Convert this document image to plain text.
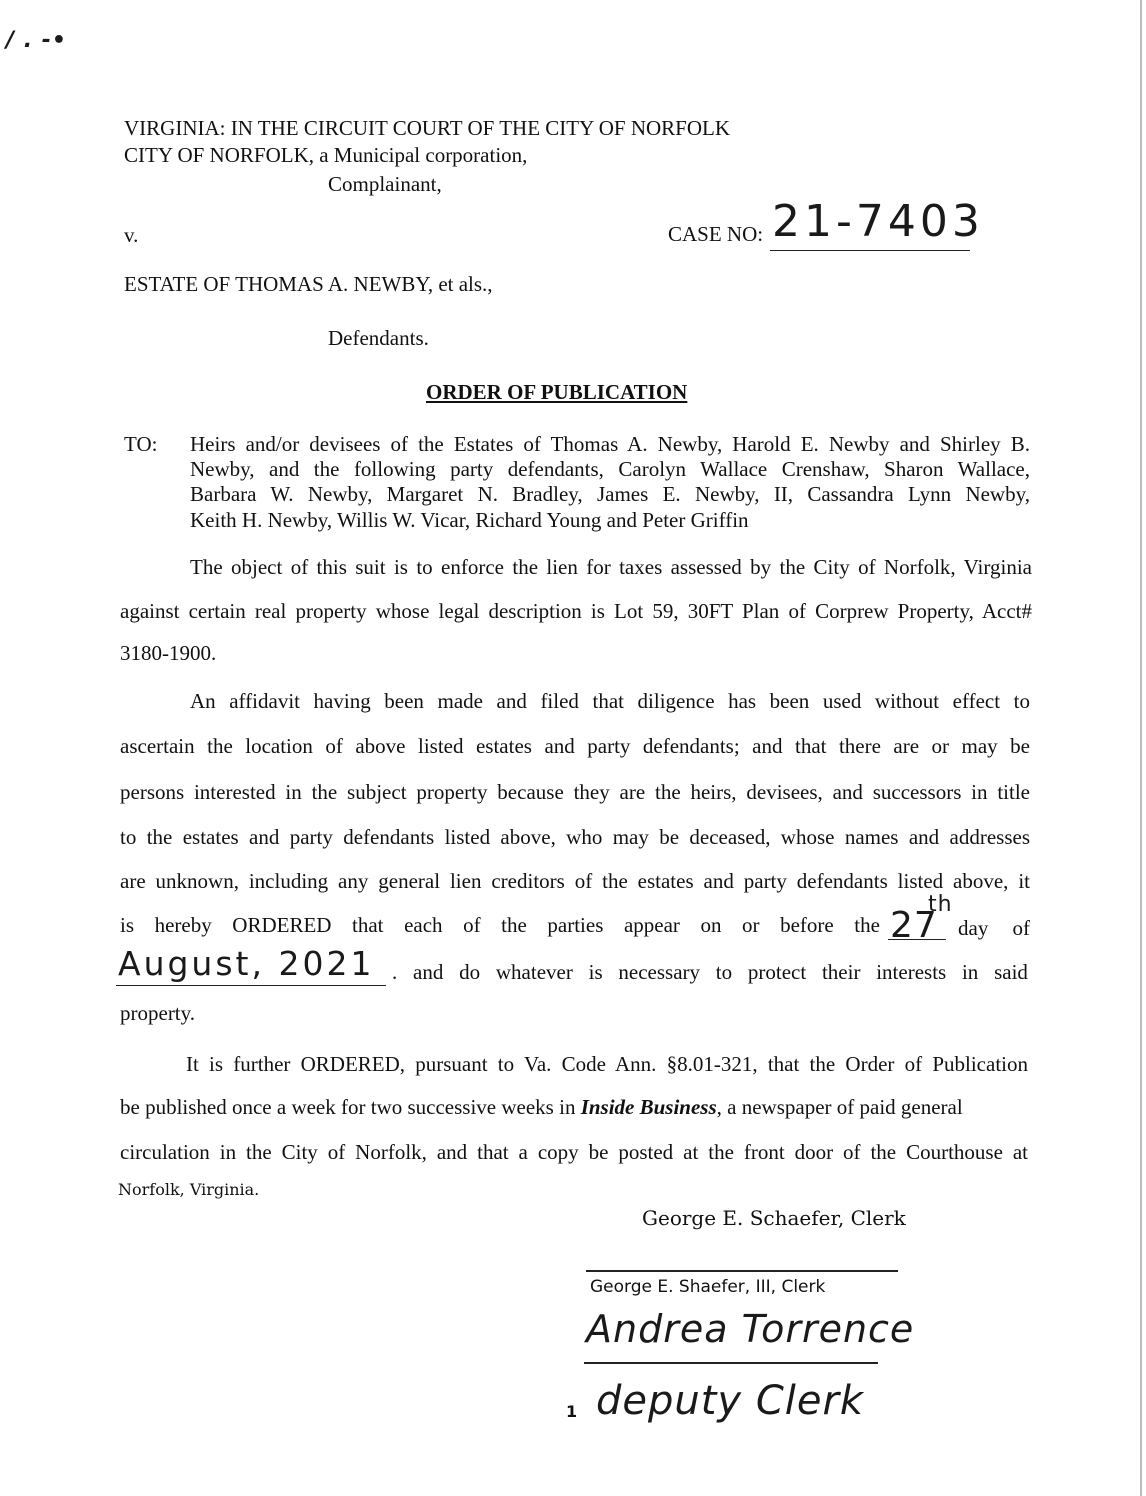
/ . -•
VIRGINIA: IN THE CIRCUIT COURT OF THE CITY OF NORFOLK
CITY OF NORFOLK, a Municipal corporation,
Complainant,
v.	CASE NO: 21-7403
ESTATE OF THOMAS A. NEWBY, et als.,
Defendants.
ORDER OF PUBLICATION
TO: Heirs and/or devisees of the Estates of Thomas A. Newby, Harold E. Newby and Shirley B.
Newby, and the following party defendants, Carolyn Wallace Crenshaw, Sharon Wallace,
Barbara W. Newby, Margaret N. Bradley, James E. Newby, II, Cassandra Lynn Newby,
Keith H. Newby, Willis W. Vicar, Richard Young and Peter Griffin
The object of this suit is to enforce the lien for taxes assessed by the City of Norfolk, Virginia
against certain real property whose legal description is Lot 59, 30FT Plan of Corprew Property, Acct#
3180-1900.
An affidavit having been made and filed that diligence has been used without effect to
ascertain the location of above listed estates and party defendants; and that there are or may be
persons interested in the subject property because they are the heirs, devisees, and successors in title
to the estates and party defendants listed above, who may be deceased, whose names and addresses
are unknown, including any general lien creditors of the estates and party defendants listed above, it
is hereby ORDERED that each of the parties appear on or before the 27
th
day of
August, 2021 . and do whatever is necessary to protect their interests in said
property.
It is further ORDERED, pursuant to Va. Code Ann. §8.01-321, that the Order of Publication
be published once a week for two successive weeks in Inside Business , a newspaper of paid general
circulation in the City of Norfolk, and that a copy be posted at the front door of the Courthouse at
Norfolk, Virginia.
George E. Schaefer, Clerk
George E. Shaefer, III, Clerk
Andrea Torrence
1 deputy Clerk
